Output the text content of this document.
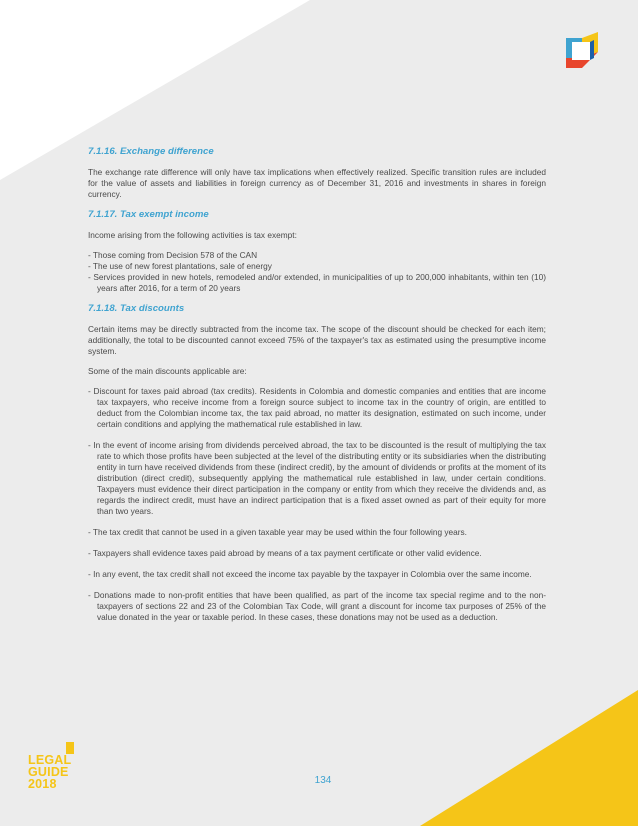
7.1.16. Exchange difference

The exchange rate difference will only have tax implications when effectively realized. Specific transition rules are included for the value of assets and liabilities in foreign currency as of December 31, 2016 and investments in shares in foreign currency.

7.1.17. Tax exempt income

Income arising from the following activities is tax exempt:

- Those coming from Decision 578 of the CAN
- The use of new forest plantations, sale of energy
- Services provided in new hotels, remodeled and/or extended, in municipalities of up to 200,000 inhabitants, within ten (10) years after 2016, for a term of 20 years
7.1.18. Tax discounts

Certain items may be directly subtracted from the income tax. The scope of the discount should be checked for each item; additionally, the total to be discounted cannot exceed 75% of the taxpayer's tax as estimated using the presumptive income system.

Some of the main discounts applicable are:

- Discount for taxes paid abroad (tax credits). Residents in Colombia and domestic companies and entities that are income tax taxpayers, who receive income from a foreign source subject to income tax in the country of origin, are entitled to deduct from the Colombian income tax, the tax paid abroad, no matter its designation, estimated on such income, under certain conditions and applying the mathematical rule established in law.
- In the event of income arising from dividends perceived abroad, the tax to be discounted is the result of multiplying the tax rate to which those profits have been subjected at the level of the distributing entity or its subsidiaries when the distributing entity in turn have received dividends from these (indirect credit), by the amount of dividends or profits at the moment of its distribution (direct credit), subsequently applying the mathematical rule established in law, under certain conditions. Taxpayers must evidence their direct participation in the company or entity from which they receive the dividends and, as regards the indirect credit, must have an indirect participation that is a fixed asset owned as part of their equity for more than two years.
- The tax credit that cannot be used in a given taxable year may be used within the four following years.
- Taxpayers shall evidence taxes paid abroad by means of a tax payment certificate or other valid evidence.
- In any event, the tax credit shall not exceed the income tax payable by the taxpayer in Colombia over the same income.
- Donations made to non-profit entities that have been qualified, as part of the income tax special regime and to the non-taxpayers of sections 22 and 23 of the Colombian Tax Code, will grant a discount for income tax purposes of 25% of the value donated in the year or taxable period. In these cases, these donations may not be used as a deduction.
LEGAL
GUIDE
2018	134
